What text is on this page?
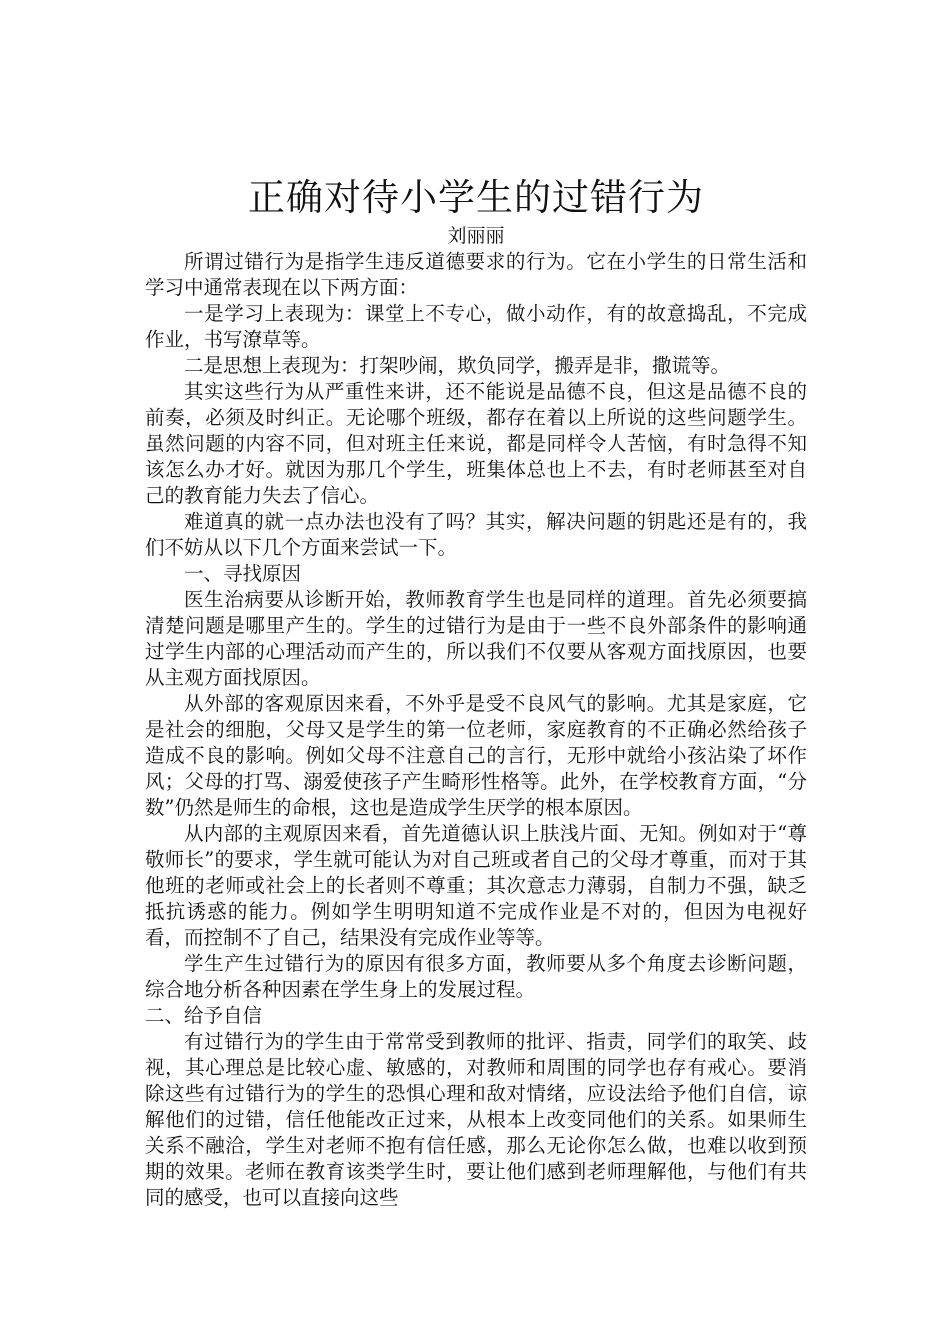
正确对待小学生的过错行为

刘丽丽

所谓过错行为是指学生违反道德要求的行为。它在小学生的日常生活和学习中通常表现在以下两方面：

一是学习上表现为：课堂上不专心，做小动作，有的故意捣乱，不完成作业，书写潦草等。

二是思想上表现为：打架吵闹，欺负同学，搬弄是非，撒谎等。

其实这些行为从严重性来讲，还不能说是品德不良，但这是品德不良的前奏，必须及时纠正。无论哪个班级，都存在着以上所说的这些问题学生。虽然问题的内容不同，但对班主任来说，都是同样令人苦恼，有时急得不知该怎么办才好。就因为那几个学生，班集体总也上不去，有时老师甚至对自己的教育能力失去了信心。

难道真的就一点办法也没有了吗？其实，解决问题的钥匙还是有的，我们不妨从以下几个方面来尝试一下。

一、寻找原因

医生治病要从诊断开始，教师教育学生也是同样的道理。首先必须要搞清楚问题是哪里产生的。学生的过错行为是由于一些不良外部条件的影响通过学生内部的心理活动而产生的，所以我们不仅要从客观方面找原因，也要从主观方面找原因。

从外部的客观原因来看，不外乎是受不良风气的影响。尤其是家庭，它是社会的细胞，父母又是学生的第一位老师，家庭教育的不正确必然给孩子造成不良的影响。例如父母不注意自己的言行，无形中就给小孩沾染了坏作风；父母的打骂、溺爱使孩子产生畸形性格等。此外，在学校教育方面，“分数”仍然是师生的命根，这也是造成学生厌学的根本原因。

从内部的主观原因来看，首先道德认识上肤浅片面、无知。例如对于“尊敬师长”的要求，学生就可能认为对自己班或者自己的父母才尊重，而对于其他班的老师或社会上的长者则不尊重；其次意志力薄弱，自制力不强，缺乏抵抗诱惑的能力。例如学生明明知道不完成作业是不对的，但因为电视好看，而控制不了自己，结果没有完成作业等等。

学生产生过错行为的原因有很多方面，教师要从多个角度去诊断问题，综合地分析各种因素在学生身上的发展过程。

二、给予自信

有过错行为的学生由于常常受到教师的批评、指责，同学们的取笑、歧视，其心理总是比较心虚、敏感的，对教师和周围的同学也存有戒心。要消除这些有过错行为的学生的恐惧心理和敌对情绪，应设法给予他们自信，谅解他们的过错，信任他能改正过来，从根本上改变同他们的关系。如果师生关系不融洽，学生对老师不抱有信任感，那么无论你怎么做，也难以收到预期的效果。老师在教育该类学生时，要让他们感到老师理解他，与他们有共同的感受，也可以直接向这些
